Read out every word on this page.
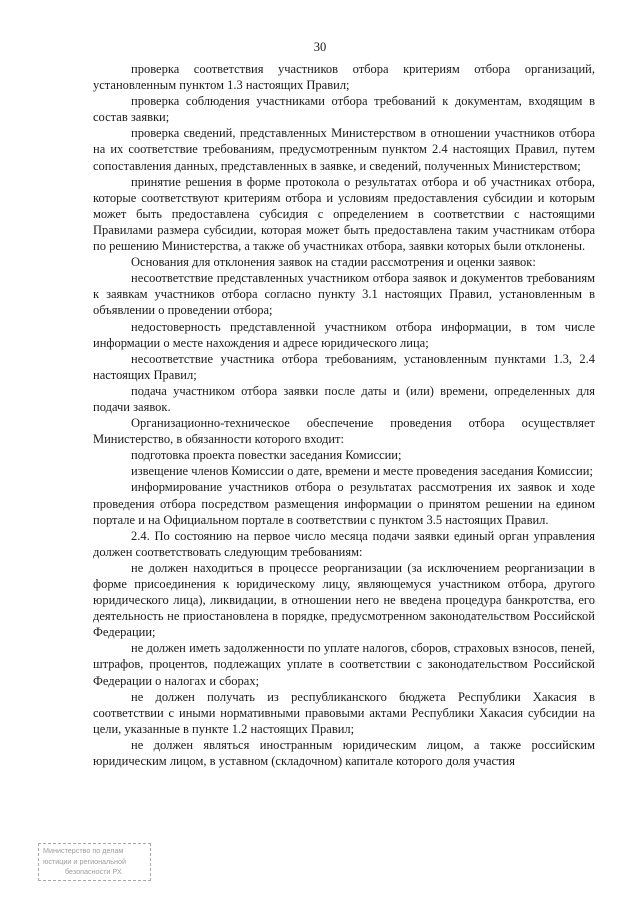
30

проверка соответствия участников отбора критериям отбора организаций, установленным пунктом 1.3 настоящих Правил;

проверка соблюдения участниками отбора требований к документам, входящим в состав заявки;

проверка сведений, представленных Министерством в отношении участников отбора на их соответствие требованиям, предусмотренным пунктом 2.4 настоящих Правил, путем сопоставления данных, представленных в заявке, и сведений, полученных Министерством;

принятие решения в форме протокола о результатах отбора и об участниках отбора, которые соответствуют критериям отбора и условиям предоставления субсидии и которым может быть предоставлена субсидия с определением в соответствии с настоящими Правилами размера субсидии, которая может быть предоставлена таким участникам отбора по решению Министерства, а также об участниках отбора, заявки которых были отклонены.

Основания для отклонения заявок на стадии рассмотрения и оценки заявок:

несоответствие представленных участником отбора заявок и документов требованиям к заявкам участников отбора согласно пункту 3.1 настоящих Правил, установленным в объявлении о проведении отбора;

недостоверность представленной участником отбора информации, в том числе информации о месте нахождения и адресе юридического лица;

несоответствие участника отбора требованиям, установленным пунктами 1.3, 2.4 настоящих Правил;

подача участником отбора заявки после даты и (или) времени, определенных для подачи заявок.

Организационно-техническое обеспечение проведения отбора осуществляет Министерство, в обязанности которого входит:

подготовка проекта повестки заседания Комиссии;

извещение членов Комиссии о дате, времени и месте проведения заседания Комиссии;

информирование участников отбора о результатах рассмотрения их заявок и ходе проведения отбора посредством размещения информации о принятом решении на едином портале и на Официальном портале в соответствии с пунктом 3.5 настоящих Правил.

2.4. По состоянию на первое число месяца подачи заявки единый орган управления должен соответствовать следующим требованиям:

не должен находиться в процессе реорганизации (за исключением реорганизации в форме присоединения к юридическому лицу, являющемуся участником отбора, другого юридического лица), ликвидации, в отношении него не введена процедура банкротства, его деятельность не приостановлена в порядке, предусмотренном законодательством Российской Федерации;

не должен иметь задолженности по уплате налогов, сборов, страховых взносов, пеней, штрафов, процентов, подлежащих уплате в соответствии с законодательством Российской Федерации о налогах и сборах;

не должен получать из республиканского бюджета Республики Хакасия в соответствии с иными нормативными правовыми актами Республики Хакасия субсидии на цели, указанные в пункте 1.2 настоящих Правил;

не должен являться иностранным юридическим лицом, а также российским юридическим лицом, в уставном (складочном) капитале которого доля участия

Министерство по делам
юстиции и региональной
безопасности РХ
